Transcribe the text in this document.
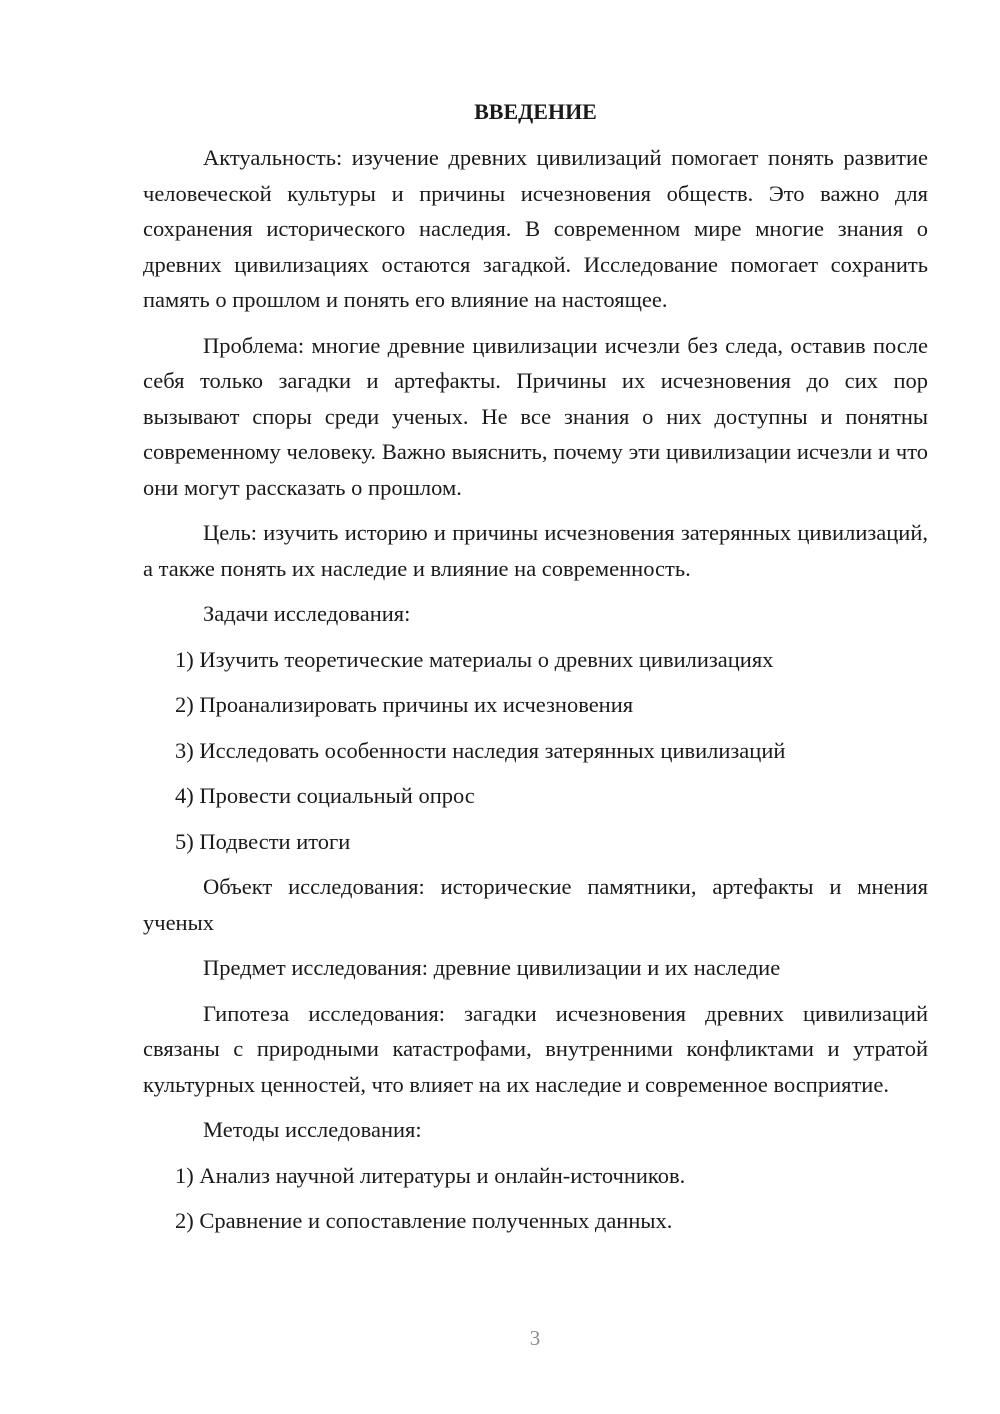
ВВЕДЕНИЕ
Актуальность: изучение древних цивилизаций помогает понять развитие человеческой культуры и причины исчезновения обществ. Это важно для сохранения исторического наследия. В современном мире многие знания о древних цивилизациях остаются загадкой. Исследование помогает сохранить память о прошлом и понять его влияние на настоящее.
Проблема: многие древние цивилизации исчезли без следа, оставив после себя только загадки и артефакты. Причины их исчезновения до сих пор вызывают споры среди ученых. Не все знания о них доступны и понятны современному человеку. Важно выяснить, почему эти цивилизации исчезли и что они могут рассказать о прошлом.
Цель: изучить историю и причины исчезновения затерянных цивилизаций, а также понять их наследие и влияние на современность.
Задачи исследования:
1) Изучить теоретические материалы о древних цивилизациях
2) Проанализировать причины их исчезновения
3) Исследовать особенности наследия затерянных цивилизаций
4) Провести социальный опрос
5) Подвести итоги
Объект исследования: исторические памятники, артефакты и мнения ученых
Предмет исследования: древние цивилизации и их наследие
Гипотеза исследования: загадки исчезновения древних цивилизаций связаны с природными катастрофами, внутренними конфликтами и утратой культурных ценностей, что влияет на их наследие и современное восприятие.
Методы исследования:
1) Анализ научной литературы и онлайн-источников.
2) Сравнение и сопоставление полученных данных.
3
